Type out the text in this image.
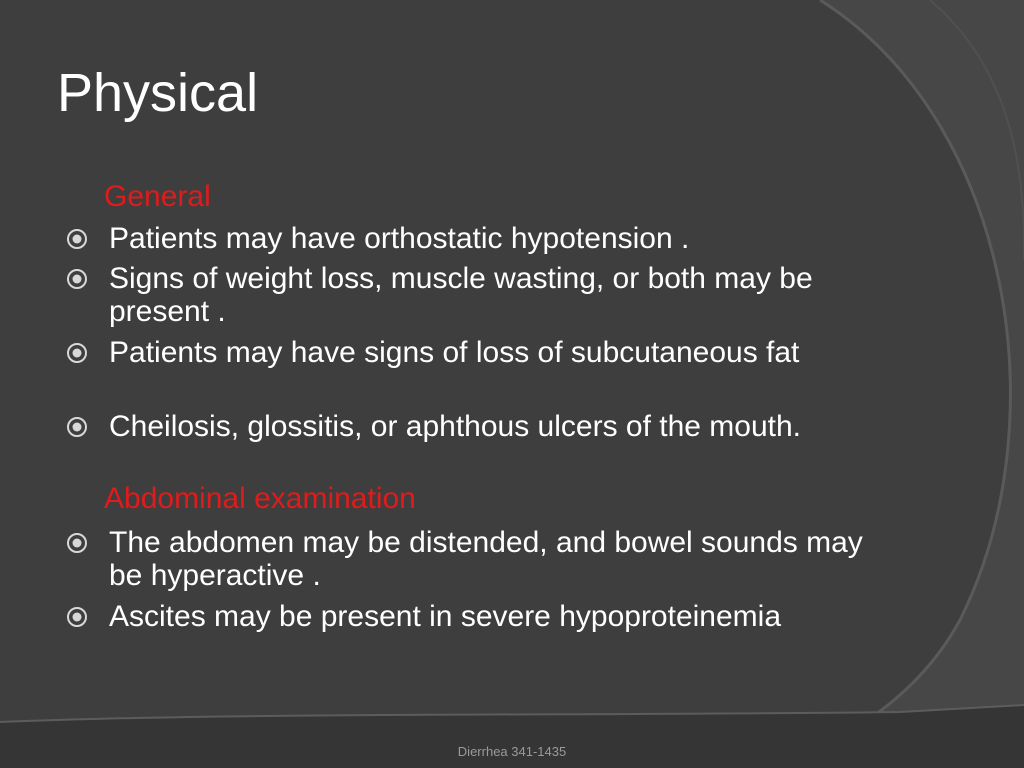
Physical
General
Patients may have orthostatic hypotension .
Signs of weight loss, muscle wasting, or both may be present .
Patients may have signs of loss of subcutaneous fat
Cheilosis, glossitis, or aphthous ulcers of the mouth.
Abdominal examination
The abdomen may be distended, and bowel sounds may be hyperactive .
Ascites may be present in severe hypoproteinemia
Dierrhea 341-1435
